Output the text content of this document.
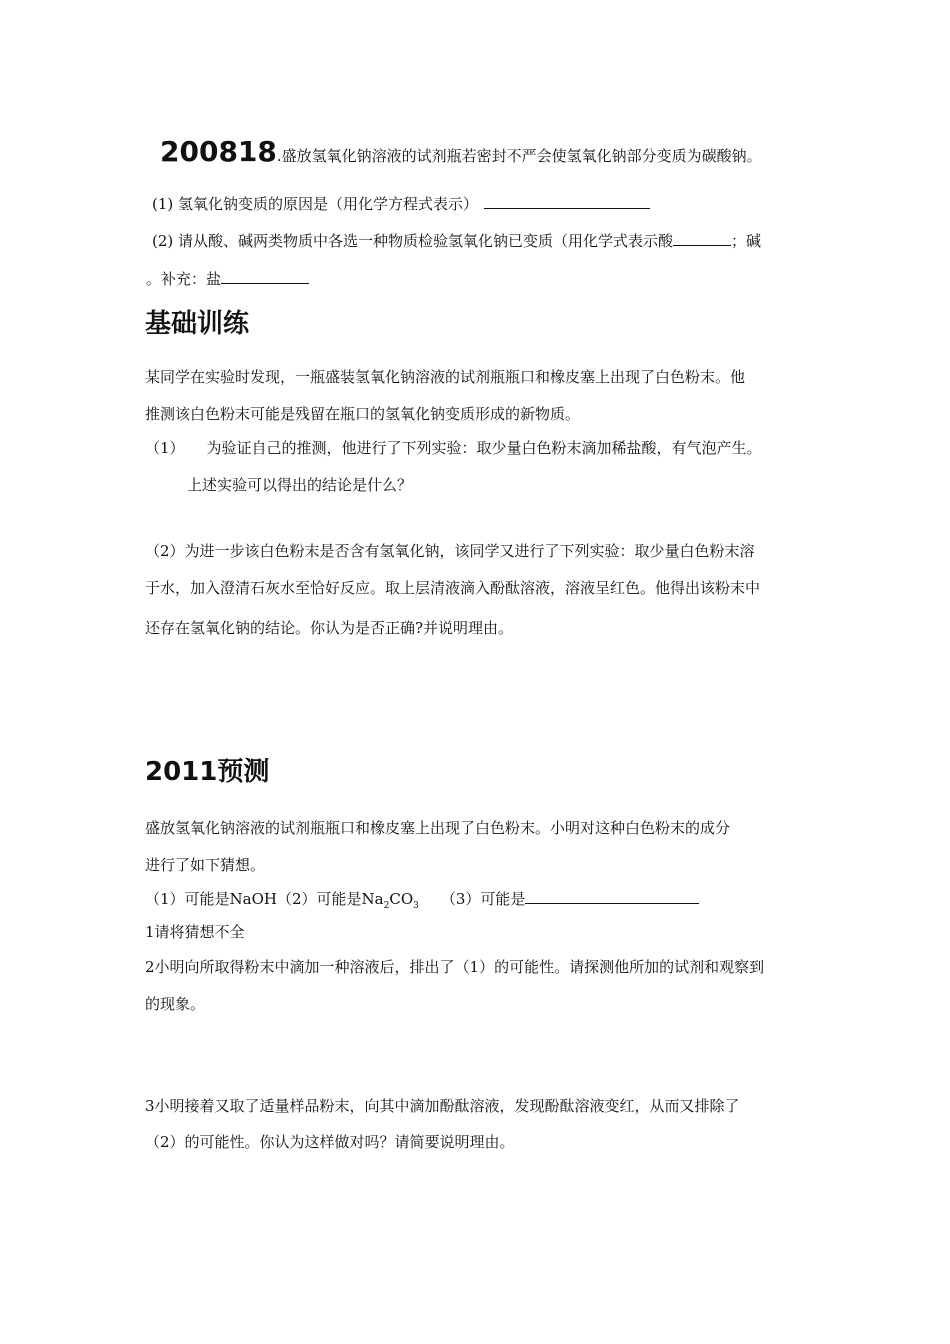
200818.盛放氢氧化钠溶液的试剂瓶若密封不严会使氢氧化钠部分变质为碳酸钠。
(1) 氢氧化钠变质的原因是（用化学方程式表示）
(2) 请从酸、碱两类物质中各选一种物质检验氢氧化钠已变质（用化学式表示酸	；碱
。补充：盐
基础训练
某同学在实验时发现，一瓶盛装氢氧化钠溶液的试剂瓶瓶口和橡皮塞上出现了白色粉末。他
推测该白色粉末可能是残留在瓶口的氢氧化钠变质形成的新物质。
（1） 为验证自己的推测，他进行了下列实验：取少量白色粉末滴加稀盐酸，有气泡产生。
上述实验可以得出的结论是什么？
（2）为进一步该白色粉末是否含有氢氧化钠，该同学又进行了下列实验：取少量白色粉末溶
于水，加入澄清石灰水至恰好反应。取上层清液滴入酚酞溶液，溶液呈红色。他得出该粉末中
还存在氢氧化钠的结论。你认为是否正确?并说明理由。
2011预测
盛放氢氧化钠溶液的试剂瓶瓶口和橡皮塞上出现了白色粉末。小明对这种白色粉末的成分
进行了如下猜想。
（1）可能是NaOH（2）可能是$Na_2CO_3$ （3）可能是
1请将猜想不全
2小明向所取得粉末中滴加一种溶液后，排出了（1）的可能性。请探测他所加的试剂和观察到
的现象。
3小明接着又取了适量样品粉末，向其中滴加酚酞溶液，发现酚酞溶液变红，从而又排除了
（2）的可能性。你认为这样做对吗？请简要说明理由。
